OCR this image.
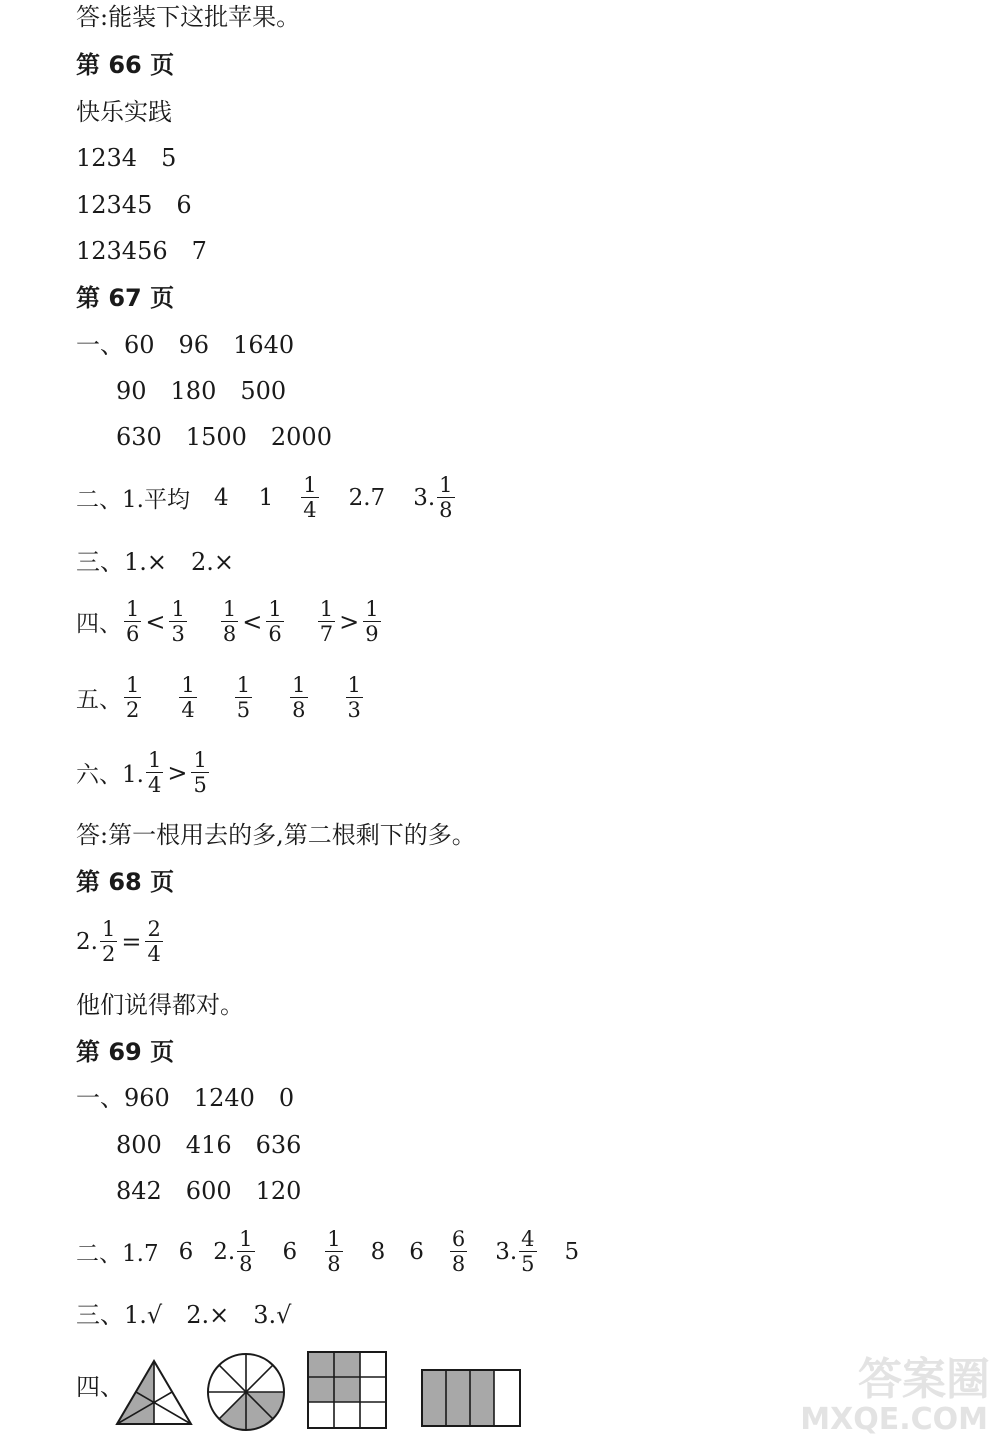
答:能装下这批苹果。
第 66 页
快乐实践
1234　5
12345　6
123456　7
第 67 页
一、60　96　1640
90　180　500
630　1500　2000
二、1. 平均 4 $1 \frac{1}{4} 2.7$ 3. $\frac{1}{8}$
三、1.×　2.×
四、 $\frac{1}{6} < \frac{1}{3} \frac{1}{8} < \frac{1}{6} \frac{1}{7} > \frac{1}{9}$
五、 $\frac{1}{2} \frac{1}{4} \frac{1}{5} \frac{1}{8} \frac{1}{3}$
六、1. $\frac{1}{4} > \frac{1}{5}$
答:第一根用去的多,第二根剩下的多。
第 68 页
2. $\frac{1}{2} = \frac{2}{4}$
他们说得都对。
第 69 页
一、960　1240　0
800　416　636
842　600　120
二、1.7 6 2. $\frac{1}{8} 6 \frac{1}{8} 8$ $6 \frac{6}{8} 3$. $\frac{4}{5} 5$
三、1.√　2.×　3.√
四、	答案圈
MXQE.COM
